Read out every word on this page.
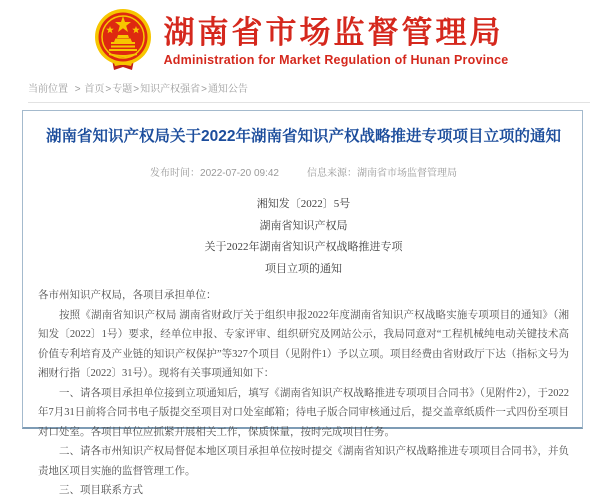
湖南省市场监督管理局
Administration for Market Regulation of Hunan Province
当前位置 > 首页>专题>知识产权强省>通知公告
湖南省知识产权局关于2022年湖南省知识产权战略推进专项项目立项的通知
发布时间：2022-07-20 09:42	信息来源：湖南省市场监督管理局
湘知发〔2022〕5号
湖南省知识产权局
关于2022年湖南省知识产权战略推进专项
项目立项的通知

各市州知识产权局，各项目承担单位：

按照《湖南省知识产权局 湖南省财政厅关于组织申报2022年度湖南省知识产权战略实施专项项目的通知》（湘知发〔2022〕1号）要求，经单位申报、专家评审、组织研究及网站公示，我局同意对“工程机械纯电动关键技术高价值专利培育及产业链的知识产权保护”等327个项目（见附件1）予以立项。项目经费由省财政厅下达（指标文号为湘财行指〔2022〕31号）。现将有关事项通知如下：

一、请各项目承担单位接到立项通知后，填写《湖南省知识产权战略推进专项项目合同书》（见附件2），于2022年7月31日前将合同书电子版提交至项目对口处室邮箱；待电子版合同审核通过后，提交盖章纸质件一式四份至项目对口处室。各项目单位应抓紧开展相关工作，保质保量，按时完成项目任务。

二、请各市州知识产权局督促本地区项目承担单位按时提交《湖南省知识产权战略推进专项项目合同书》，并负责地区项目实施的监督管理工作。

三、项目联系方式
